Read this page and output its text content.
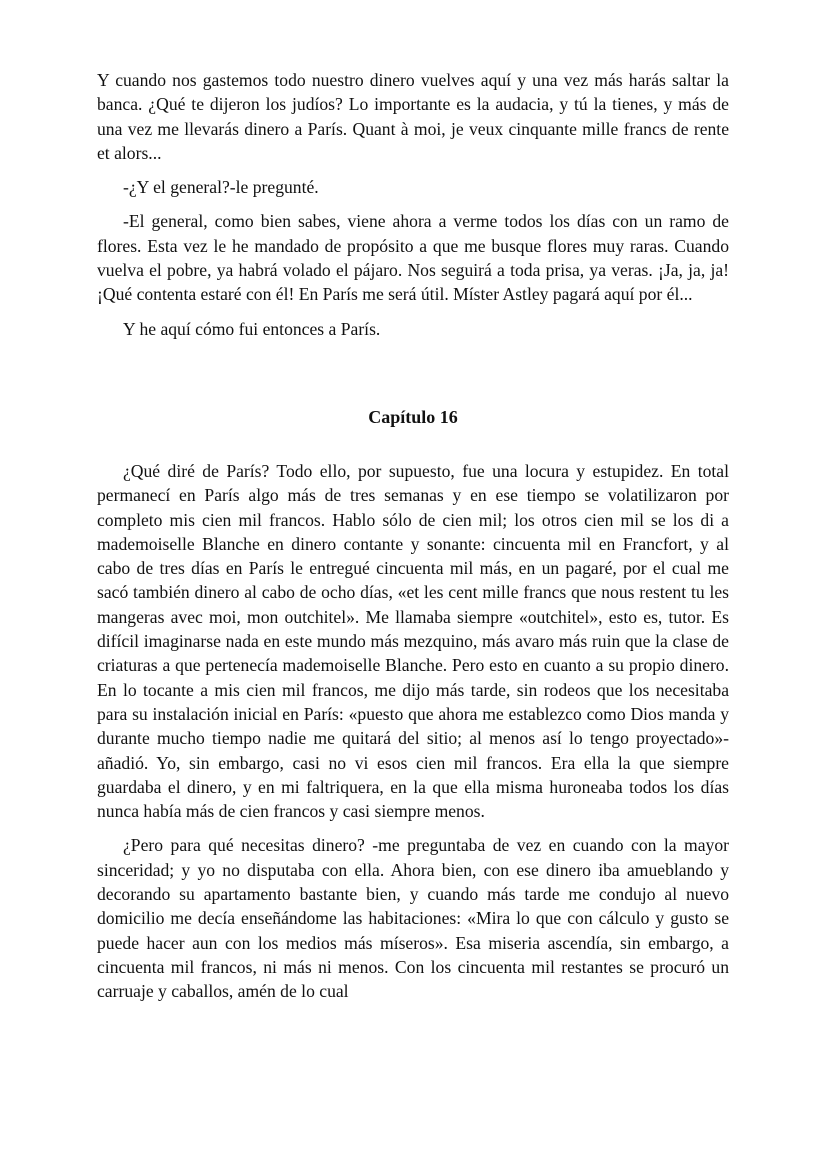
Y cuando nos gastemos todo nuestro dinero vuelves aquí y una vez más harás saltar la banca. ¿Qué te dijeron los judíos? Lo importante es la audacia, y tú la tienes, y más de una vez me llevarás dinero a París. Quant à moi, je veux cinquante mille francs de rente et alors...

-¿Y el general?-le pregunté.

-El general, como bien sabes, viene ahora a verme todos los días con un ramo de flores. Esta vez le he mandado de propósito a que me busque flores muy raras. Cuando vuelva el pobre, ya habrá volado el pájaro. Nos seguirá a toda prisa, ya veras. ¡Ja, ja, ja! ¡Qué contenta estaré con él! En París me será útil. Míster Astley pagará aquí por él...

Y he aquí cómo fui entonces a París.

Capítulo 16

¿Qué diré de París? Todo ello, por supuesto, fue una locura y estupidez. En total permanecí en París algo más de tres semanas y en ese tiempo se volatilizaron por completo mis cien mil francos. Hablo sólo de cien mil; los otros cien mil se los di a mademoiselle Blanche en dinero contante y sonante: cincuenta mil en Francfort, y al cabo de tres días en París le entregué cincuenta mil más, en un pagaré, por el cual me sacó también dinero al cabo de ocho días, «et les cent mille francs que nous restent tu les mangeras avec moi, mon outchitel». Me llamaba siempre «outchitel», esto es, tutor. Es difícil imaginarse nada en este mundo más mezquino, más avaro más ruin que la clase de criaturas a que pertenecía mademoiselle Blanche. Pero esto en cuanto a su propio dinero. En lo tocante a mis cien mil francos, me dijo más tarde, sin rodeos que los necesitaba para su instalación inicial en París: «puesto que ahora me establezco como Dios manda y durante mucho tiempo nadie me quitará del sitio; al menos así lo tengo proyectado»-añadió. Yo, sin embargo, casi no vi esos cien mil francos. Era ella la que siempre guardaba el dinero, y en mi faltriquera, en la que ella misma huroneaba todos los días nunca había más de cien francos y casi siempre menos.

¿Pero para qué necesitas dinero? -me preguntaba de vez en cuando con la mayor sinceridad; y yo no disputaba con ella. Ahora bien, con ese dinero iba amueblando y decorando su apartamento bastante bien, y cuando más tarde me condujo al nuevo domicilio me decía enseñándome las habitaciones: «Mira lo que con cálculo y gusto se puede hacer aun con los medios más míseros». Esa miseria ascendía, sin embargo, a cincuenta mil francos, ni más ni menos. Con los cincuenta mil restantes se procuró un carruaje y caballos, amén de lo cual
